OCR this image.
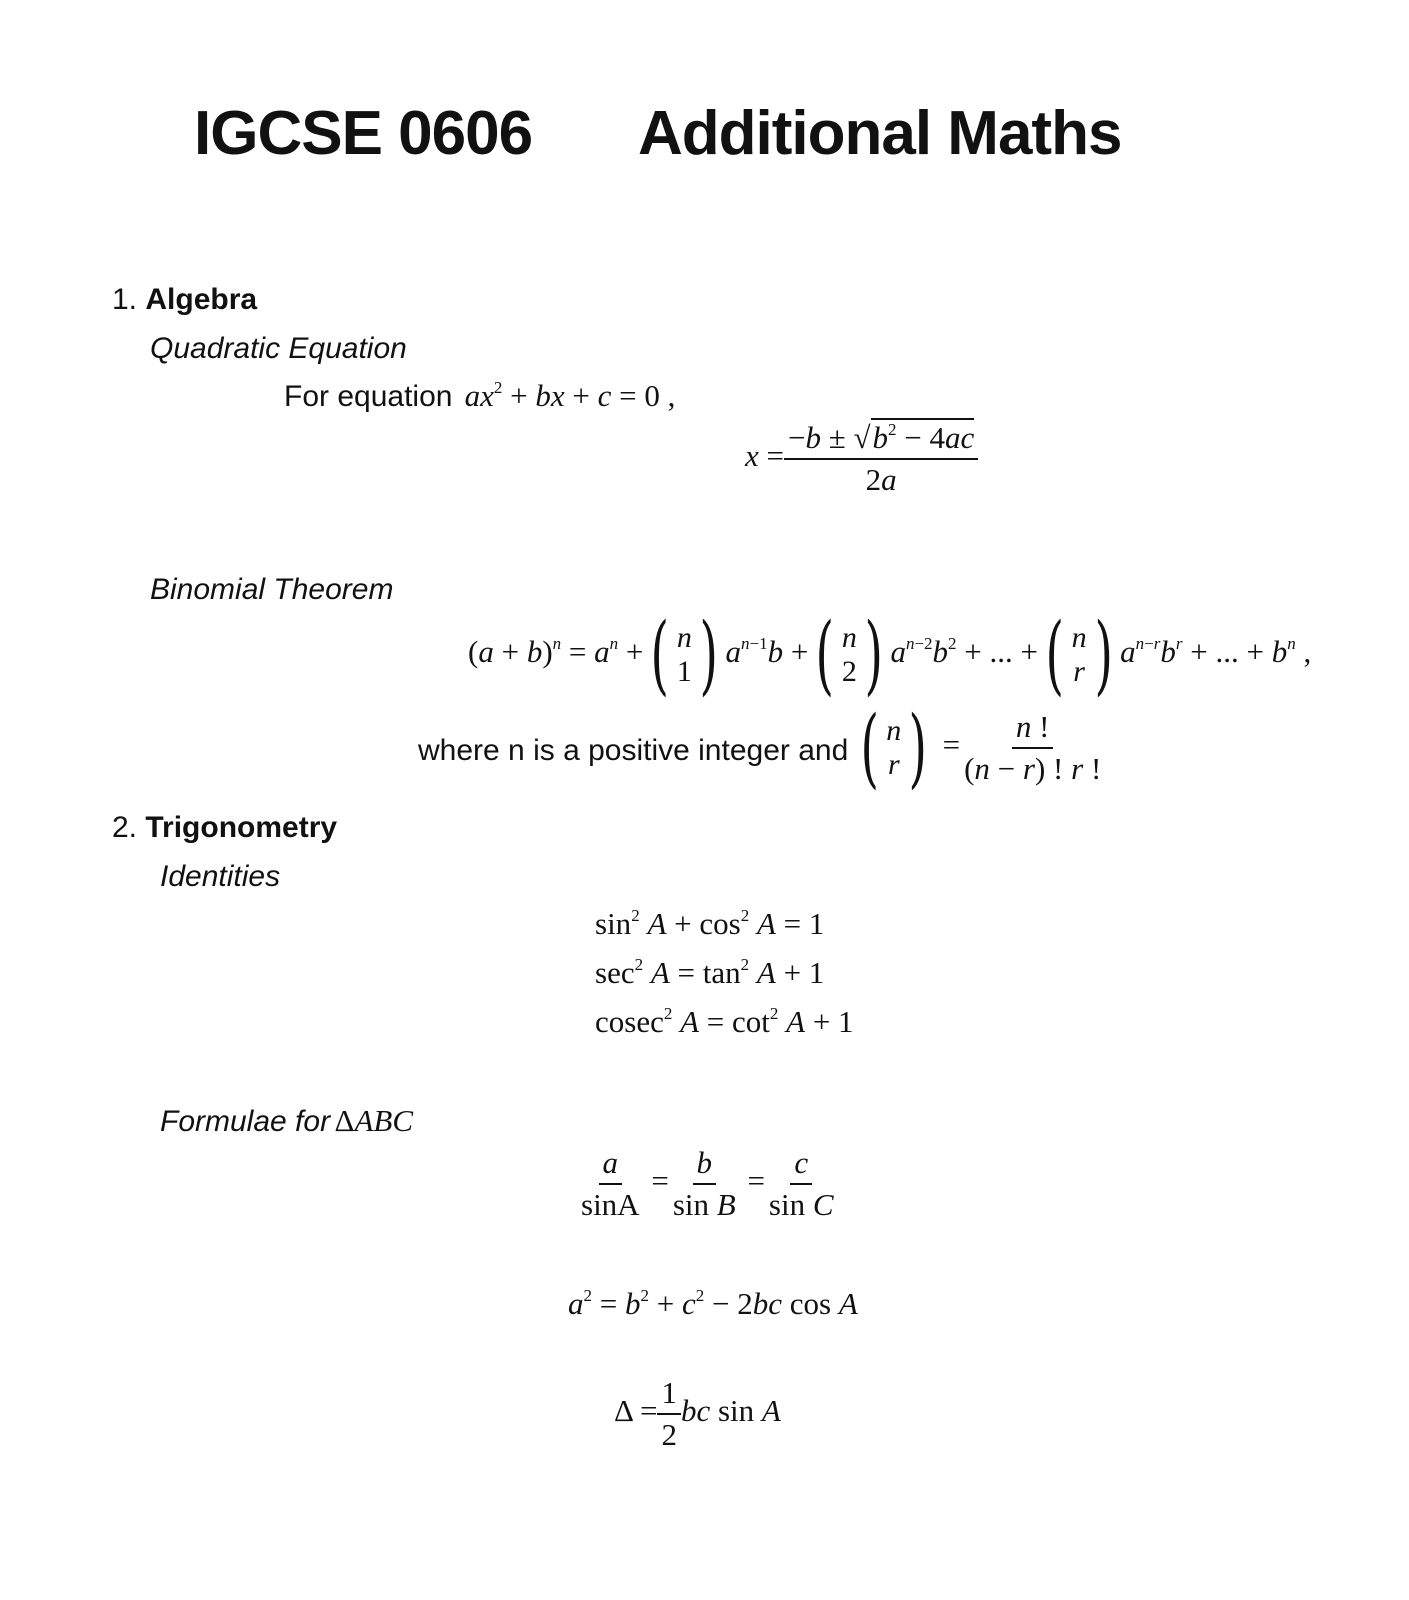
IGCSE 0606 Additional Maths
1. Algebra
Quadratic Equation
For equation $ax^2$ + bx + c = 0 ,
$x = \frac{-b \pm √b^2 - 4ac}{2a}$
Binomial Theorem
$(a + b)^n = a^n$ + ( n
1 ) $a^{n-1}b$ + ( n
2 ) $a^{n-2}b^2$ + ... + ( n
r ) $a^{n-r}b^r$ + ... + $b^n$ ,
where n is a positive integer and ( n
r ) = $\frac{n !}{(n - r) ! r !}$
2. Trigonometry
Identities
$\sin^2 A + \cos^2 A = 1$
$\sec^2 A = \tan^2 A + 1$
cosec$^2$ $A = \cot^2 A + 1$
Formulae for ΔABC
$\frac{a}{\sin A} = \frac{b}{\text{sin B}} = \frac{c}{\text{sin C}}$
$a^2 = b^2 + c^2 - 2bc$ cos A
$\Delta = \frac{1}{2}$ bc sin A
